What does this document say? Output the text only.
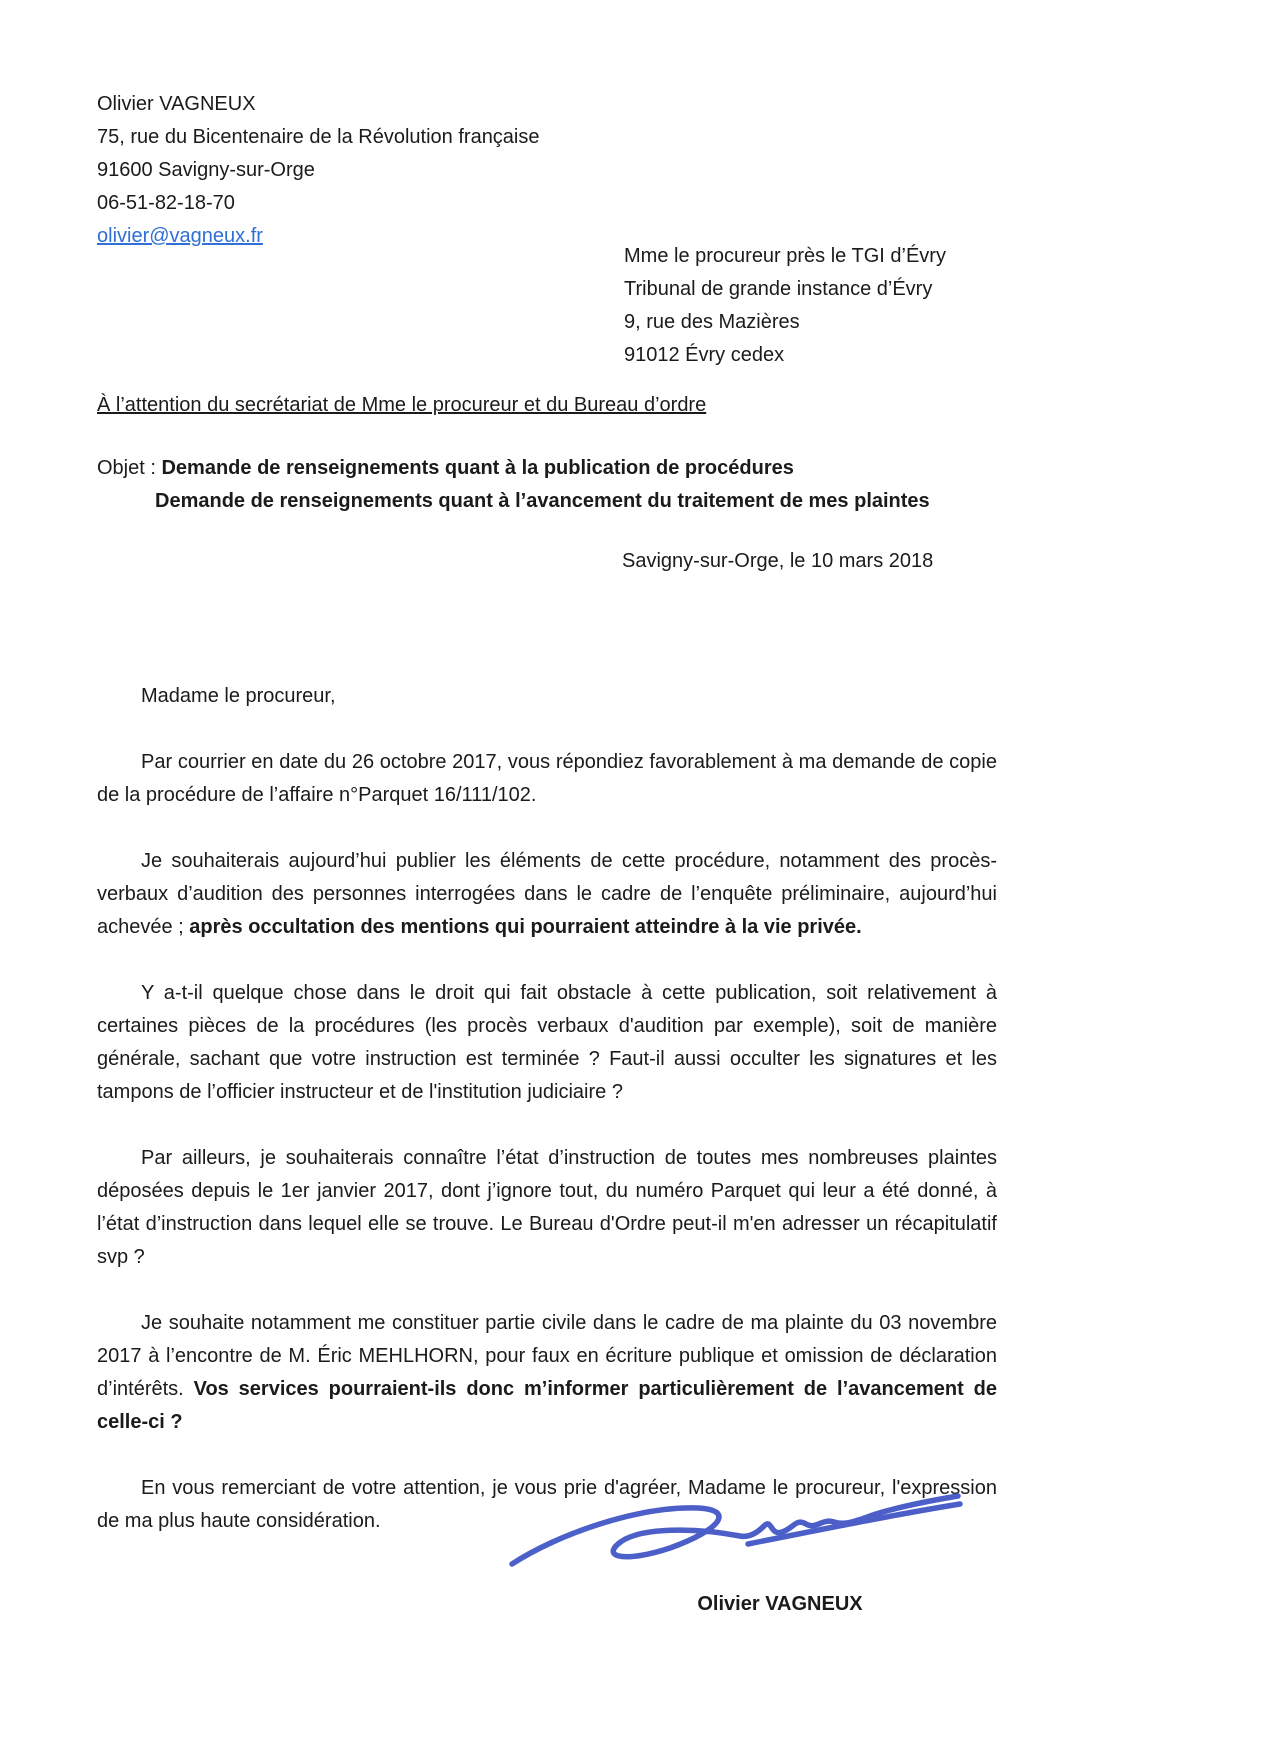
Olivier VAGNEUX
75, rue du Bicentenaire de la Révolution française
91600 Savigny-sur-Orge
06-51-82-18-70
olivier@vagneux.fr
Mme le procureur près le TGI d’Évry
Tribunal de grande instance d’Évry
9, rue des Mazières
91012 Évry cedex
À l’attention du secrétariat de Mme le procureur et du Bureau d’ordre
Objet : Demande de renseignements quant à la publication de procédures
Demande de renseignements quant à l’avancement du traitement de mes plaintes
Savigny-sur-Orge, le 10 mars 2018

Madame le procureur,

Par courrier en date du 26 octobre 2017, vous répondiez favorablement à ma demande de copie de la procédure de l’affaire n°Parquet 16/111/102.

Je souhaiterais aujourd’hui publier les éléments de cette procédure, notamment des procès-verbaux d’audition des personnes interrogées dans le cadre de l’enquête préliminaire, aujourd’hui achevée ; après occultation des mentions qui pourraient atteindre à la vie privée.

Y a-t-il quelque chose dans le droit qui fait obstacle à cette publication, soit relativement à certaines pièces de la procédures (les procès verbaux d'audition par exemple), soit de manière générale, sachant que votre instruction est terminée ? Faut-il aussi occulter les signatures et les tampons de l’officier instructeur et de l'institution judiciaire ?

Par ailleurs, je souhaiterais connaître l’état d’instruction de toutes mes nombreuses plaintes déposées depuis le 1er janvier 2017, dont j’ignore tout, du numéro Parquet qui leur a été donné, à l’état d’instruction dans lequel elle se trouve. Le Bureau d'Ordre peut-il m'en adresser un récapitulatif svp ?

Je souhaite notamment me constituer partie civile dans le cadre de ma plainte du 03 novembre 2017 à l’encontre de M. Éric MEHLHORN, pour faux en écriture publique et omission de déclaration d’intérêts. Vos services pourraient-ils donc m’informer particulièrement de l’avancement de celle-ci ?

En vous remerciant de votre attention, je vous prie d'agréer, Madame le procureur, l'expression de ma plus haute considération.

Olivier VAGNEUX
